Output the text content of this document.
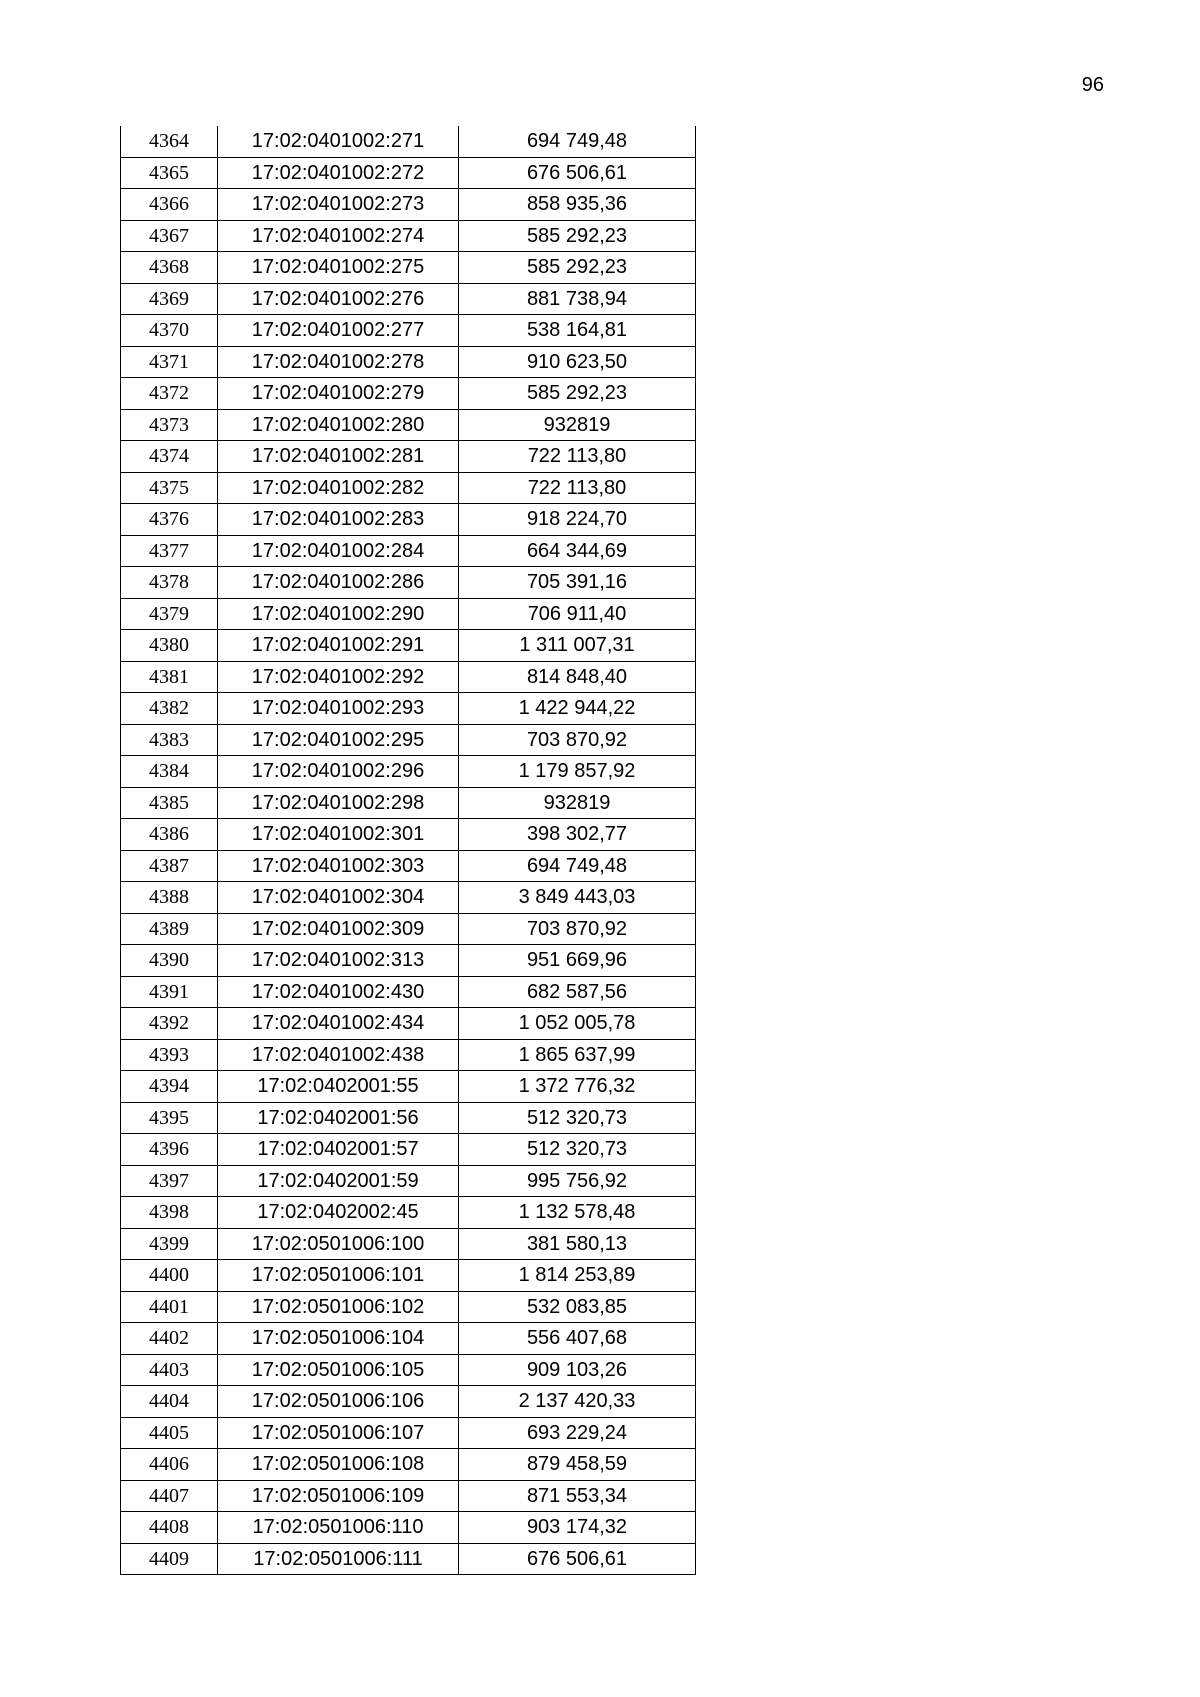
96
4364	17:02:0401002:271	694 749,48
4365	17:02:0401002:272	676 506,61
4366	17:02:0401002:273	858 935,36
4367	17:02:0401002:274	585 292,23
4368	17:02:0401002:275	585 292,23
4369	17:02:0401002:276	881 738,94
4370	17:02:0401002:277	538 164,81
4371	17:02:0401002:278	910 623,50
4372	17:02:0401002:279	585 292,23
4373	17:02:0401002:280	932819
4374	17:02:0401002:281	722 113,80
4375	17:02:0401002:282	722 113,80
4376	17:02:0401002:283	918 224,70
4377	17:02:0401002:284	664 344,69
4378	17:02:0401002:286	705 391,16
4379	17:02:0401002:290	706 911,40
4380	17:02:0401002:291	1 311 007,31
4381	17:02:0401002:292	814 848,40
4382	17:02:0401002:293	1 422 944,22
4383	17:02:0401002:295	703 870,92
4384	17:02:0401002:296	1 179 857,92
4385	17:02:0401002:298	932819
4386	17:02:0401002:301	398 302,77
4387	17:02:0401002:303	694 749,48
4388	17:02:0401002:304	3 849 443,03
4389	17:02:0401002:309	703 870,92
4390	17:02:0401002:313	951 669,96
4391	17:02:0401002:430	682 587,56
4392	17:02:0401002:434	1 052 005,78
4393	17:02:0401002:438	1 865 637,99
4394	17:02:0402001:55	1 372 776,32
4395	17:02:0402001:56	512 320,73
4396	17:02:0402001:57	512 320,73
4397	17:02:0402001:59	995 756,92
4398	17:02:0402002:45	1 132 578,48
4399	17:02:0501006:100	381 580,13
4400	17:02:0501006:101	1 814 253,89
4401	17:02:0501006:102	532 083,85
4402	17:02:0501006:104	556 407,68
4403	17:02:0501006:105	909 103,26
4404	17:02:0501006:106	2 137 420,33
4405	17:02:0501006:107	693 229,24
4406	17:02:0501006:108	879 458,59
4407	17:02:0501006:109	871 553,34
4408	17:02:0501006:110	903 174,32
4409	17:02:0501006:111	676 506,61
